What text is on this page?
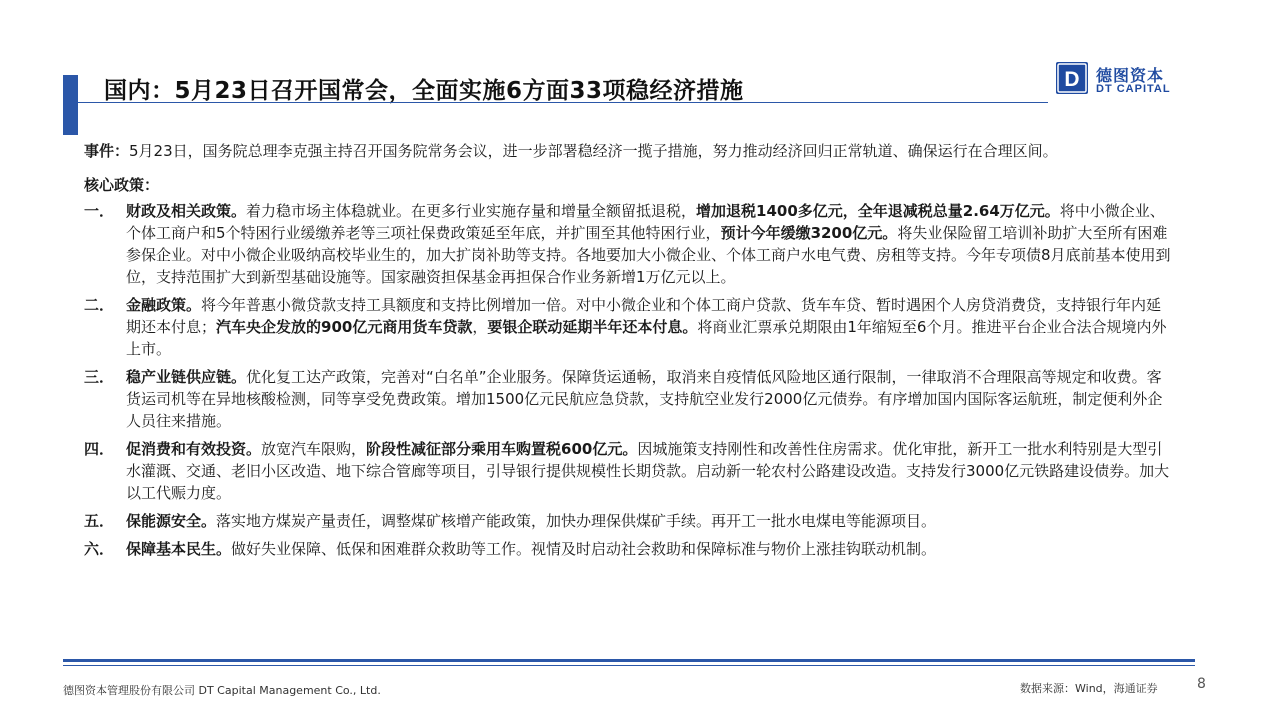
国内：5月23日召开国常会，全面实施6方面33项稳经济措施	D 德图资本
DT CAPITAL

事件：5月23日，国务院总理李克强主持召开国务院常务会议，进一步部署稳经济一揽子措施，努力推动经济回归正常轨道、确保运行在合理区间。

核心政策：

一． 财政及相关政策。着力稳市场主体稳就业。在更多行业实施存量和增量全额留抵退税，增加退税1400多亿元，全年退减税总量2.64万亿元。将中小微企业、个体工商户和5个特困行业缓缴养老等三项社保费政策延至年底，并扩围至其他特困行业，预计今年缓缴3200亿元。将失业保险留工培训补助扩大至所有困难参保企业。对中小微企业吸纳高校毕业生的，加大扩岗补助等支持。各地要加大小微企业、个体工商户水电气费、房租等支持。今年专项债8月底前基本使用到位，支持范围扩大到新型基础设施等。国家融资担保基金再担保合作业务新增1万亿元以上。

二． 金融政策。将今年普惠小微贷款支持工具额度和支持比例增加一倍。对中小微企业和个体工商户贷款、货车车贷、暂时遇困个人房贷消费贷，支持银行年内延期还本付息；汽车央企发放的900亿元商用货车贷款，要银企联动延期半年还本付息。将商业汇票承兑期限由1年缩短至6个月。推进平台企业合法合规境内外上市。

三． 稳产业链供应链。优化复工达产政策，完善对“白名单”企业服务。保障货运通畅，取消来自疫情低风险地区通行限制，一律取消不合理限高等规定和收费。客货运司机等在异地核酸检测，同等享受免费政策。增加1500亿元民航应急贷款，支持航空业发行2000亿元债券。有序增加国内国际客运航班，制定便利外企人员往来措施。

四． 促消费和有效投资。放宽汽车限购，阶段性减征部分乘用车购置税600亿元。因城施策支持刚性和改善性住房需求。优化审批，新开工一批水利特别是大型引水灌溉、交通、老旧小区改造、地下综合管廊等项目，引导银行提供规模性长期贷款。启动新一轮农村公路建设改造。支持发行3000亿元铁路建设债券。加大以工代赈力度。

五． 保能源安全。落实地方煤炭产量责任，调整煤矿核增产能政策，加快办理保供煤矿手续。再开工一批水电煤电等能源项目。

六． 保障基本民生。做好失业保障、低保和困难群众救助等工作。视情及时启动社会救助和保障标准与物价上涨挂钩联动机制。

德图资本管理股份有限公司 DT Capital Management Co., Ltd.	数据来源：Wind，海通证券	8
